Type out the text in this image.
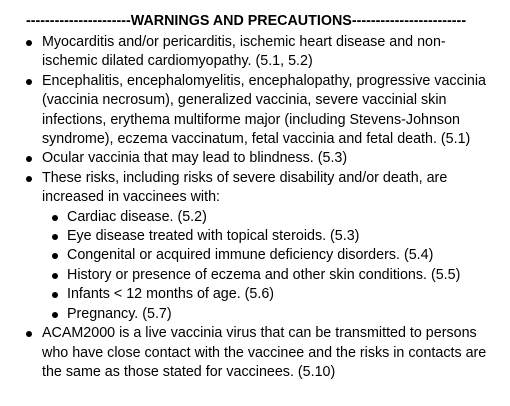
----------------------WARNINGS AND PRECAUTIONS------------------------
Myocarditis and/or pericarditis, ischemic heart disease and non-ischemic dilated cardiomyopathy. (5.1, 5.2)
Encephalitis, encephalomyelitis, encephalopathy, progressive vaccinia (vaccinia necrosum), generalized vaccinia, severe vaccinial skin infections, erythema multiforme major (including Stevens-Johnson syndrome), eczema vaccinatum, fetal vaccinia and fetal death. (5.1)
Ocular vaccinia that may lead to blindness. (5.3)
These risks, including risks of severe disability and/or death, are increased in vaccinees with:
Cardiac disease. (5.2)
Eye disease treated with topical steroids. (5.3)
Congenital or acquired immune deficiency disorders. (5.4)
History or presence of eczema and other skin conditions. (5.5)
Infants < 12 months of age. (5.6)
Pregnancy. (5.7)
ACAM2000 is a live vaccinia virus that can be transmitted to persons who have close contact with the vaccinee and the risks in contacts are the same as those stated for vaccinees. (5.10)
